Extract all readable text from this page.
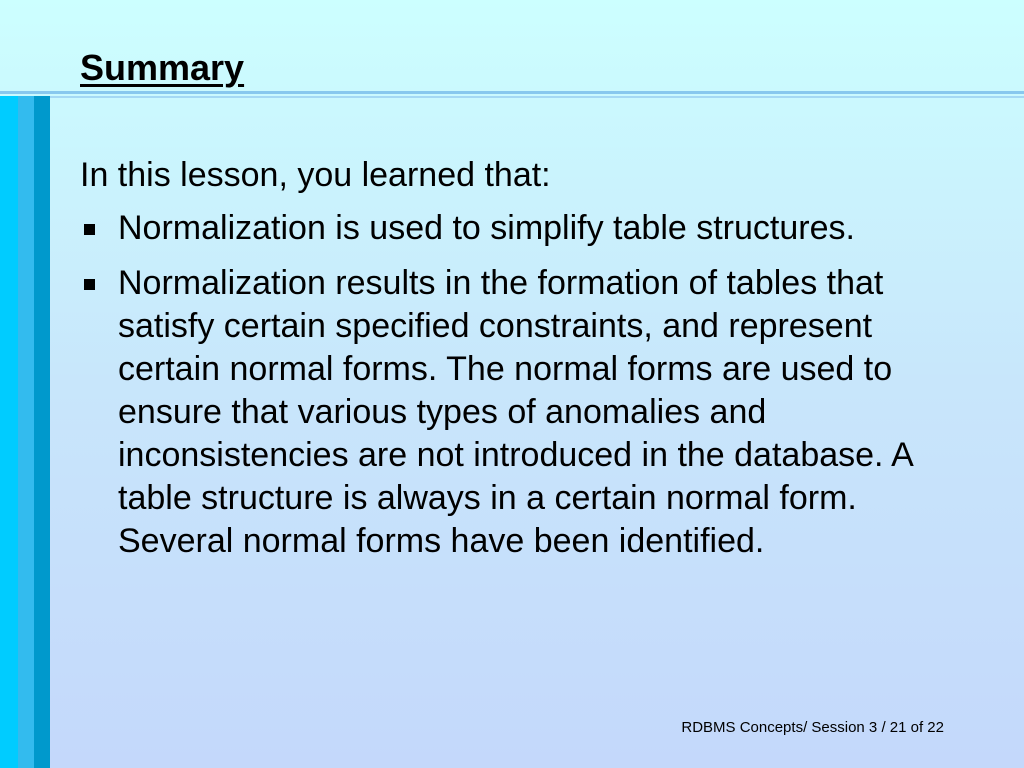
Summary

In this lesson, you learned that:

Normalization is used to simplify table structures.
Normalization results in the formation of tables that satisfy certain specified constraints, and represent certain normal forms. The normal forms are used to ensure that various types of anomalies and inconsistencies are not introduced in the database. A table structure is always in a certain normal form. Several normal forms have been identified.
RDBMS Concepts/ Session 3 / 21 of 22
